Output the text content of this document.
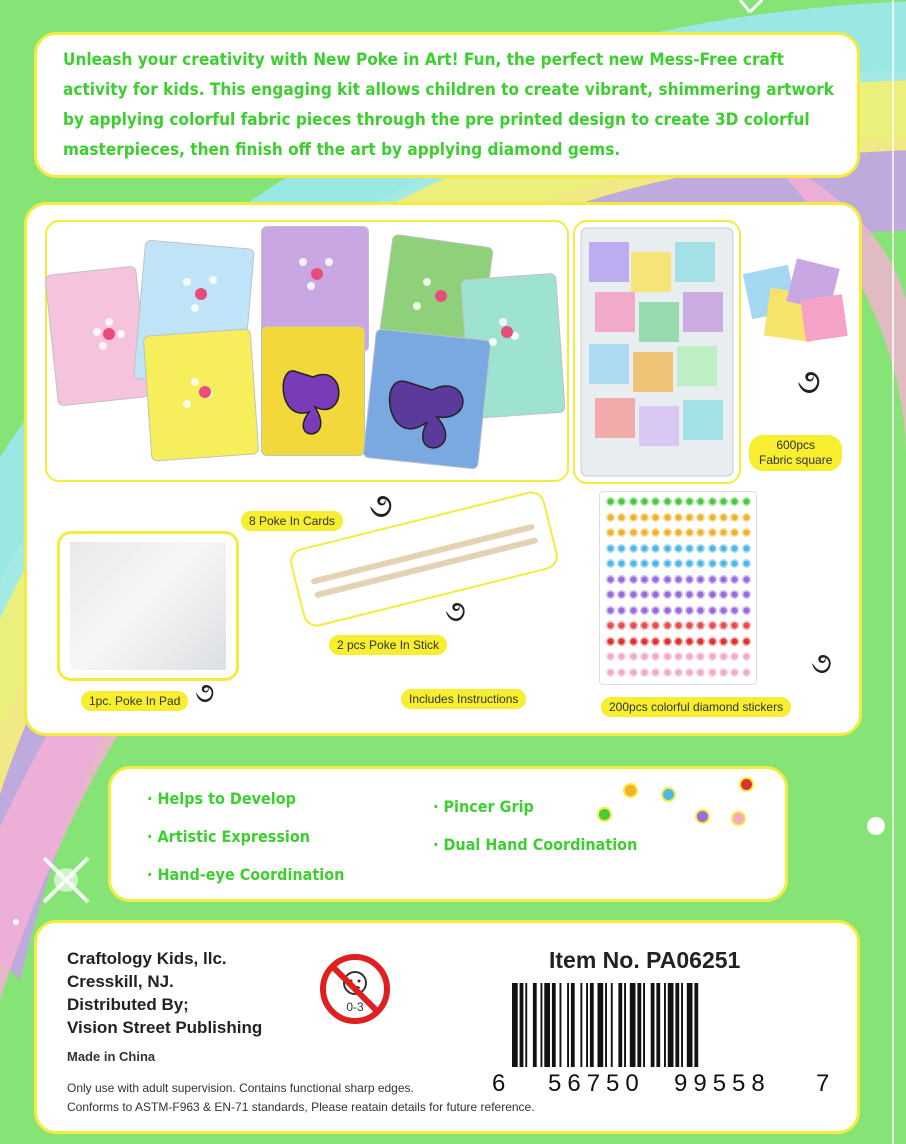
Unleash your creativity with New Poke in Art! Fun, the perfect new Mess-Free craft activity for kids. This engaging kit allows children to create vibrant, shimmering artwork by applying colorful fabric pieces through the pre printed design to create 3D colorful masterpieces, then finish off the art by applying diamond gems.

૭
600pcs
Fabric square
8 Poke In Cards ૭
1pc. Poke In Pad ૭
૭
2 pcs Poke In Stick
Includes Instructions
૭
200pcs colorful diamond stickers
· Helps to Develop
· Artistic Expression
· Hand-eye Coordination
· Pincer Grip
· Dual Hand Coordination
Craftology Kids, llc.
Cresskill, NJ.
Distributed By;
Vision Street Publishing
0-3
Made in China
Only use with adult supervision. Contains functional sharp edges.
Conforms to ASTM-F963 & EN-71 standards, Please reatain details for future reference.
Item No. PA06251
6 56750 99558 7
